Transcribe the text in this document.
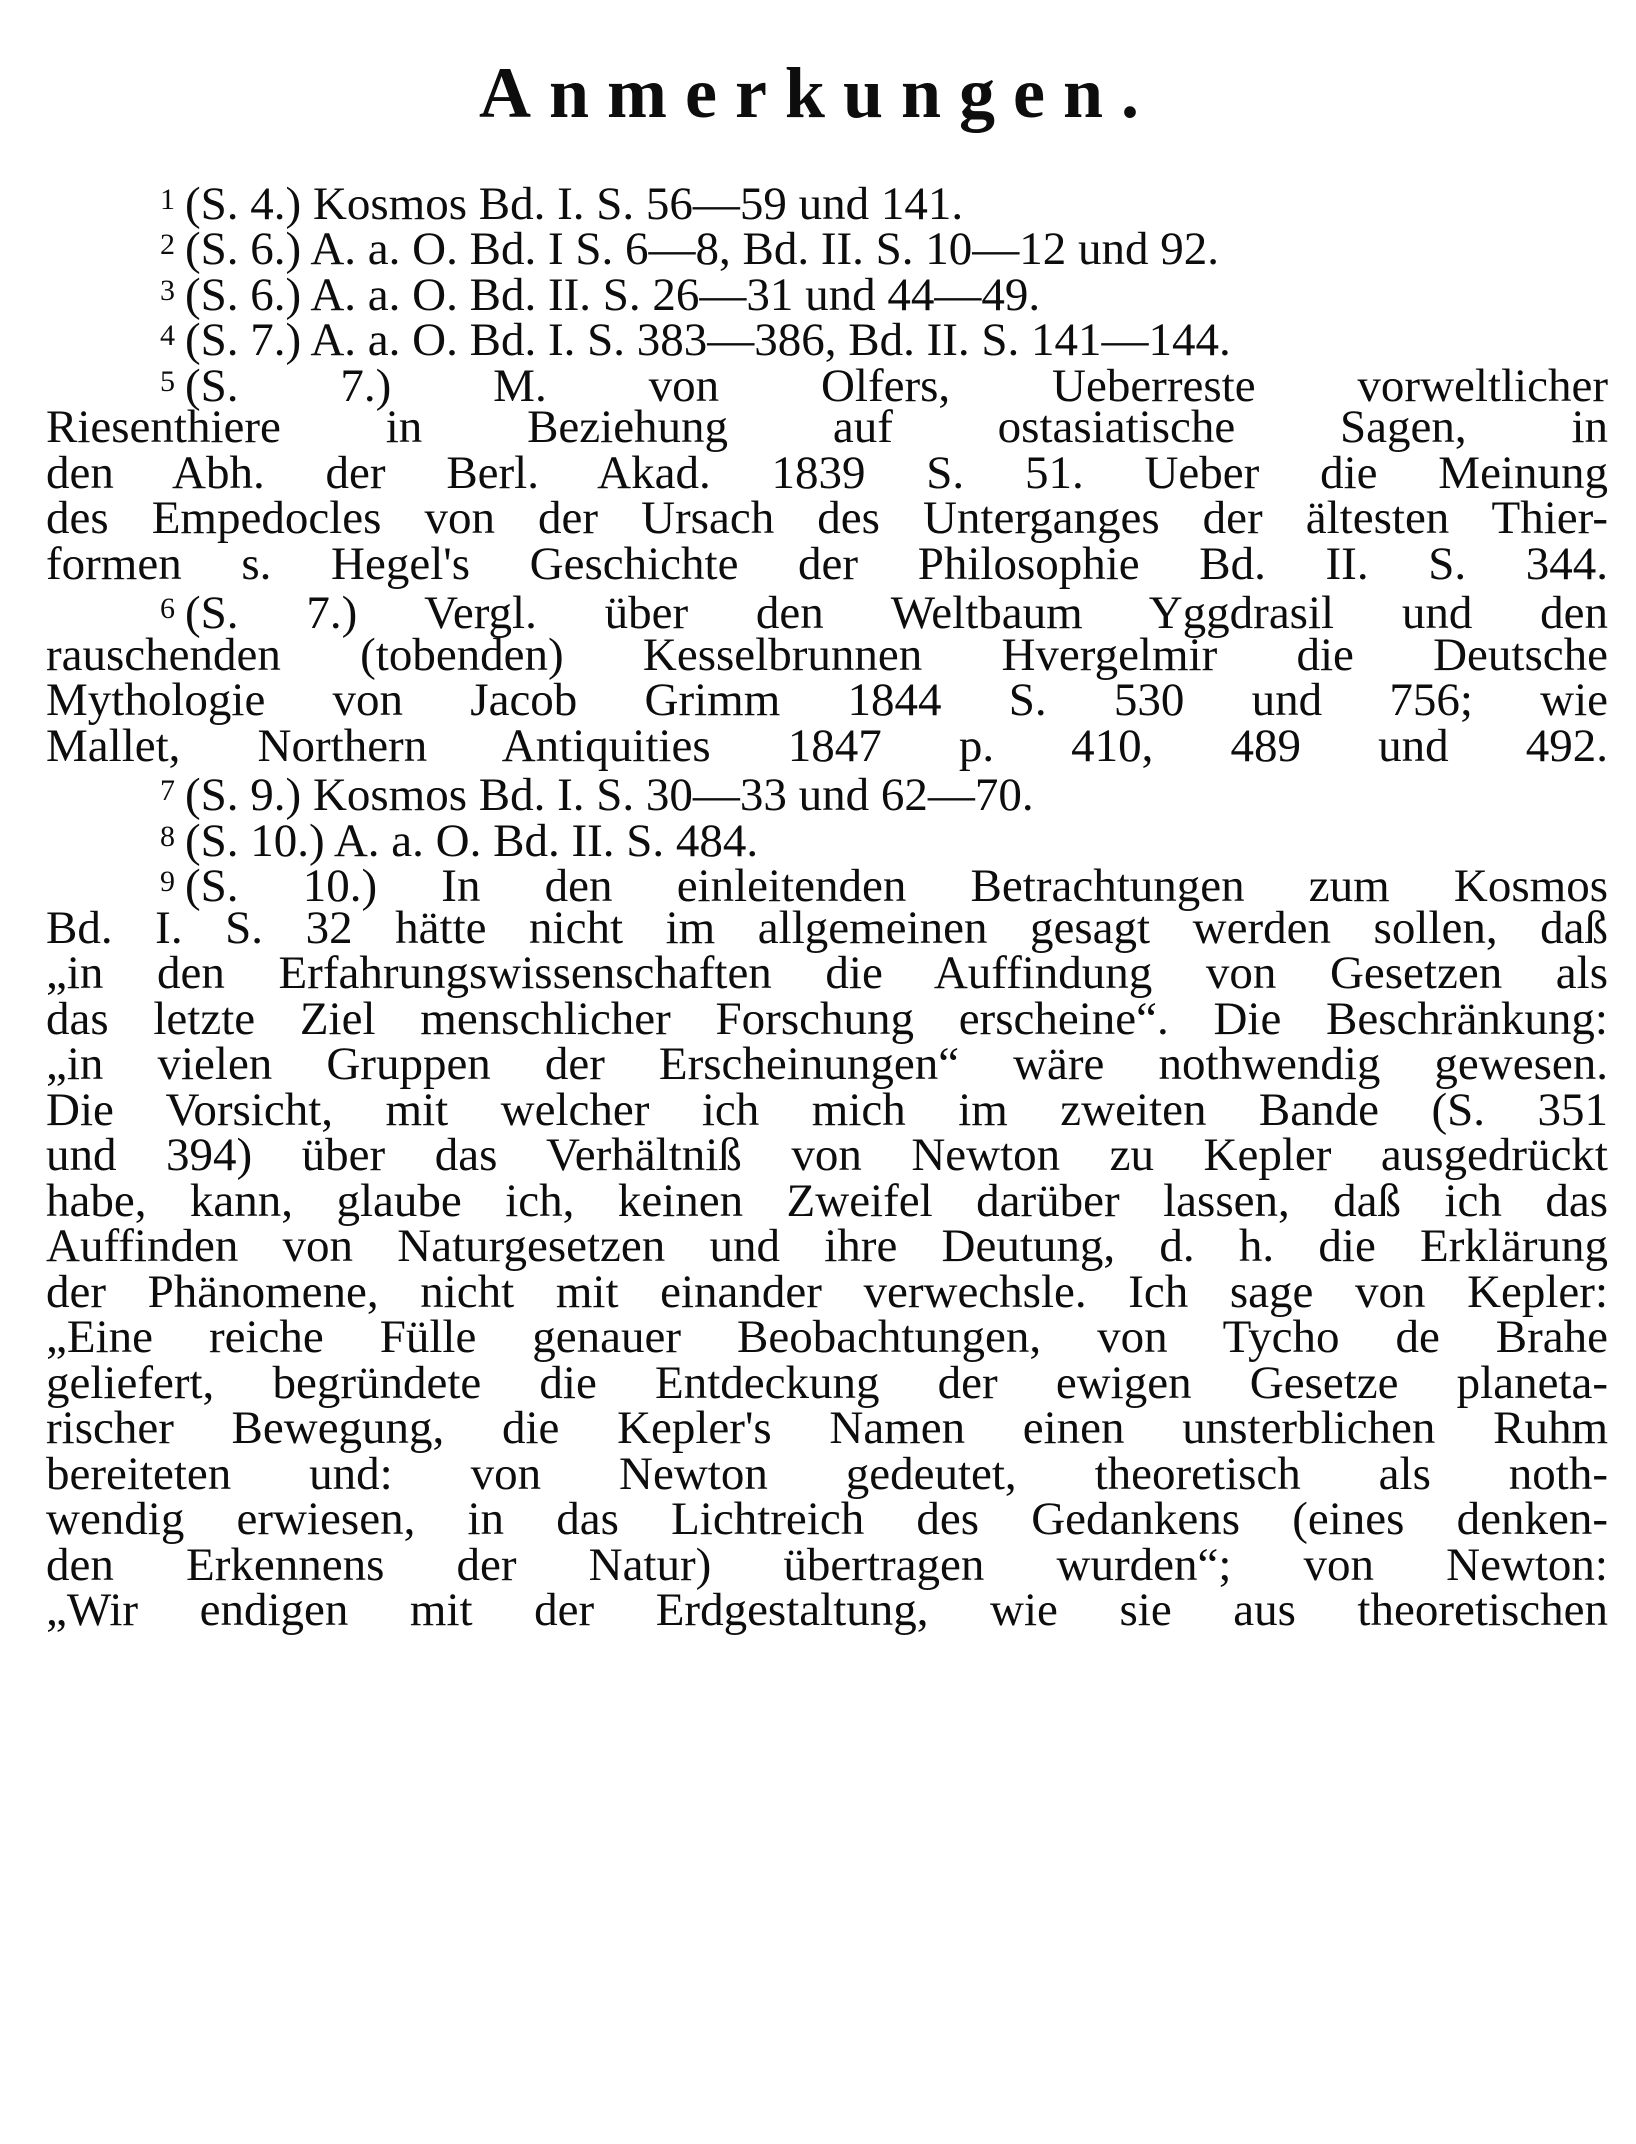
Anmerkungen.
$^1$ (S. 4.) Kosmos Bd. I. S. 56—59 und 141.
$^2$ (S. 6.) A. a. O. Bd. I S. 6—8, Bd. II. S. 10—12 und 92.
$^3$ (S. 6.) A. a. O. Bd. II. S. 26—31 und 44—49.
$^4$ (S. 7.) A. a. O. Bd. I. S. 383—386, Bd. II. S. 141—144.
$^5$ (S. 7.) M. von Olfers, Ueberreste vorweltlicher
Riesenthiere in Beziehung auf ostasiatische Sagen, in
den Abh. der Berl. Akad. 1839 S. 51. Ueber die Meinung
des Empedocles von der Ursach des Unterganges der ältesten Thier-
formen s. Hegel's Geschichte der Philosophie Bd. II. S. 344.
$^6$ (S. 7.) Vergl. über den Weltbaum Yggdrasil und den
rauschenden (tobenden) Kesselbrunnen Hvergelmir die Deutsche
Mythologie von Jacob Grimm 1844 S. 530 und 756; wie
Mallet, Northern Antiquities 1847 p. 410, 489 und 492.
$^7$ (S. 9.) Kosmos Bd. I. S. 30—33 und 62—70.
$^8$ (S. 10.) A. a. O. Bd. II. S. 484.
$^9$ (S. 10.) In den einleitenden Betrachtungen zum Kosmos
Bd. I. S. 32 hätte nicht im allgemeinen gesagt werden sollen, daß
„in den Erfahrungswissenschaften die Auffindung von Gesetzen als
das letzte Ziel menschlicher Forschung erscheine“. Die Beschränkung:
„in vielen Gruppen der Erscheinungen“ wäre nothwendig gewesen.
Die Vorsicht, mit welcher ich mich im zweiten Bande (S. 351
und 394) über das Verhältniß von Newton zu Kepler ausgedrückt
habe, kann, glaube ich, keinen Zweifel darüber lassen, daß ich das
Auffinden von Naturgesetzen und ihre Deutung, d. h. die Erklärung
der Phänomene, nicht mit einander verwechsle. Ich sage von Kepler:
„Eine reiche Fülle genauer Beobachtungen, von Tycho de Brahe
geliefert, begründete die Entdeckung der ewigen Gesetze planeta-
rischer Bewegung, die Kepler's Namen einen unsterblichen Ruhm
bereiteten und: von Newton gedeutet, theoretisch als noth-
wendig erwiesen, in das Lichtreich des Gedankens (eines denken-
den Erkennens der Natur) übertragen wurden“; von Newton:
„Wir endigen mit der Erdgestaltung, wie sie aus theoretischen
